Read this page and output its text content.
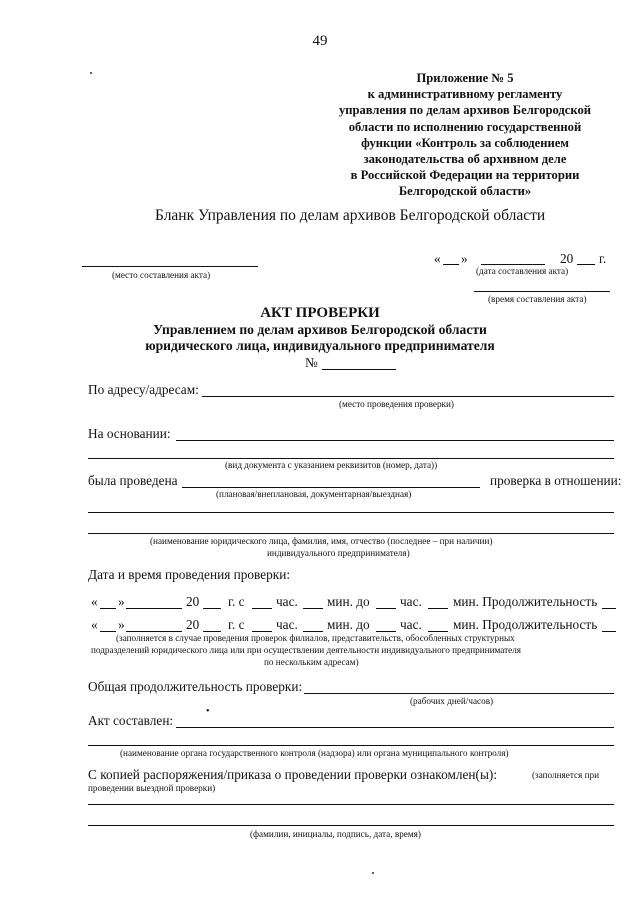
49
Приложение № 5
к административному регламенту
управления по делам архивов Белгородской
области по исполнению государственной
функции «Контроль за соблюдением
законодательства об архивном деле
в Российской Федерации на территории
Белгородской области»
Бланк Управления по делам архивов Белгородской области
(место составления акта)
« »	20 г.
(дата составления акта)
(время составления акта)
АКТ ПРОВЕРКИ
Управлением по делам архивов Белгородской области
юридического лица, индивидуального предпринимателя
№
По адресу/адресам:
(место проведения проверки)
На основании:
(вид документа с указанием реквизитов (номер, дата))
была проведена	проверка в отношении:
(плановая/внеплановая, документарная/выездная)
(наименование юридического лица, фамилия, имя, отчество (последнее – при наличии)
индивидуального предпринимателя)
Дата и время проведения проверки:
« »	20 г. с час. мин. до час. мин. Продолжительность
« »	20 г. с час. мин. до час. мин. Продолжительность
(заполняется в случае проведения проверок филиалов, представительств, обособленных структурных
подразделений юридического лица или при осуществлении деятельности индивидуального предпринимателя
по нескольким адресам)
Общая продолжительность проверки:
(рабочих дней/часов)
Акт составлен:
•
(наименование органа государственного контроля (надзора) или органа муниципального контроля)
С копией распоряжения/приказа о проведении проверки ознакомлен(ы):	(заполняется при
проведении выездной проверки)
(фамилии, инициалы, подпись, дата, время)
